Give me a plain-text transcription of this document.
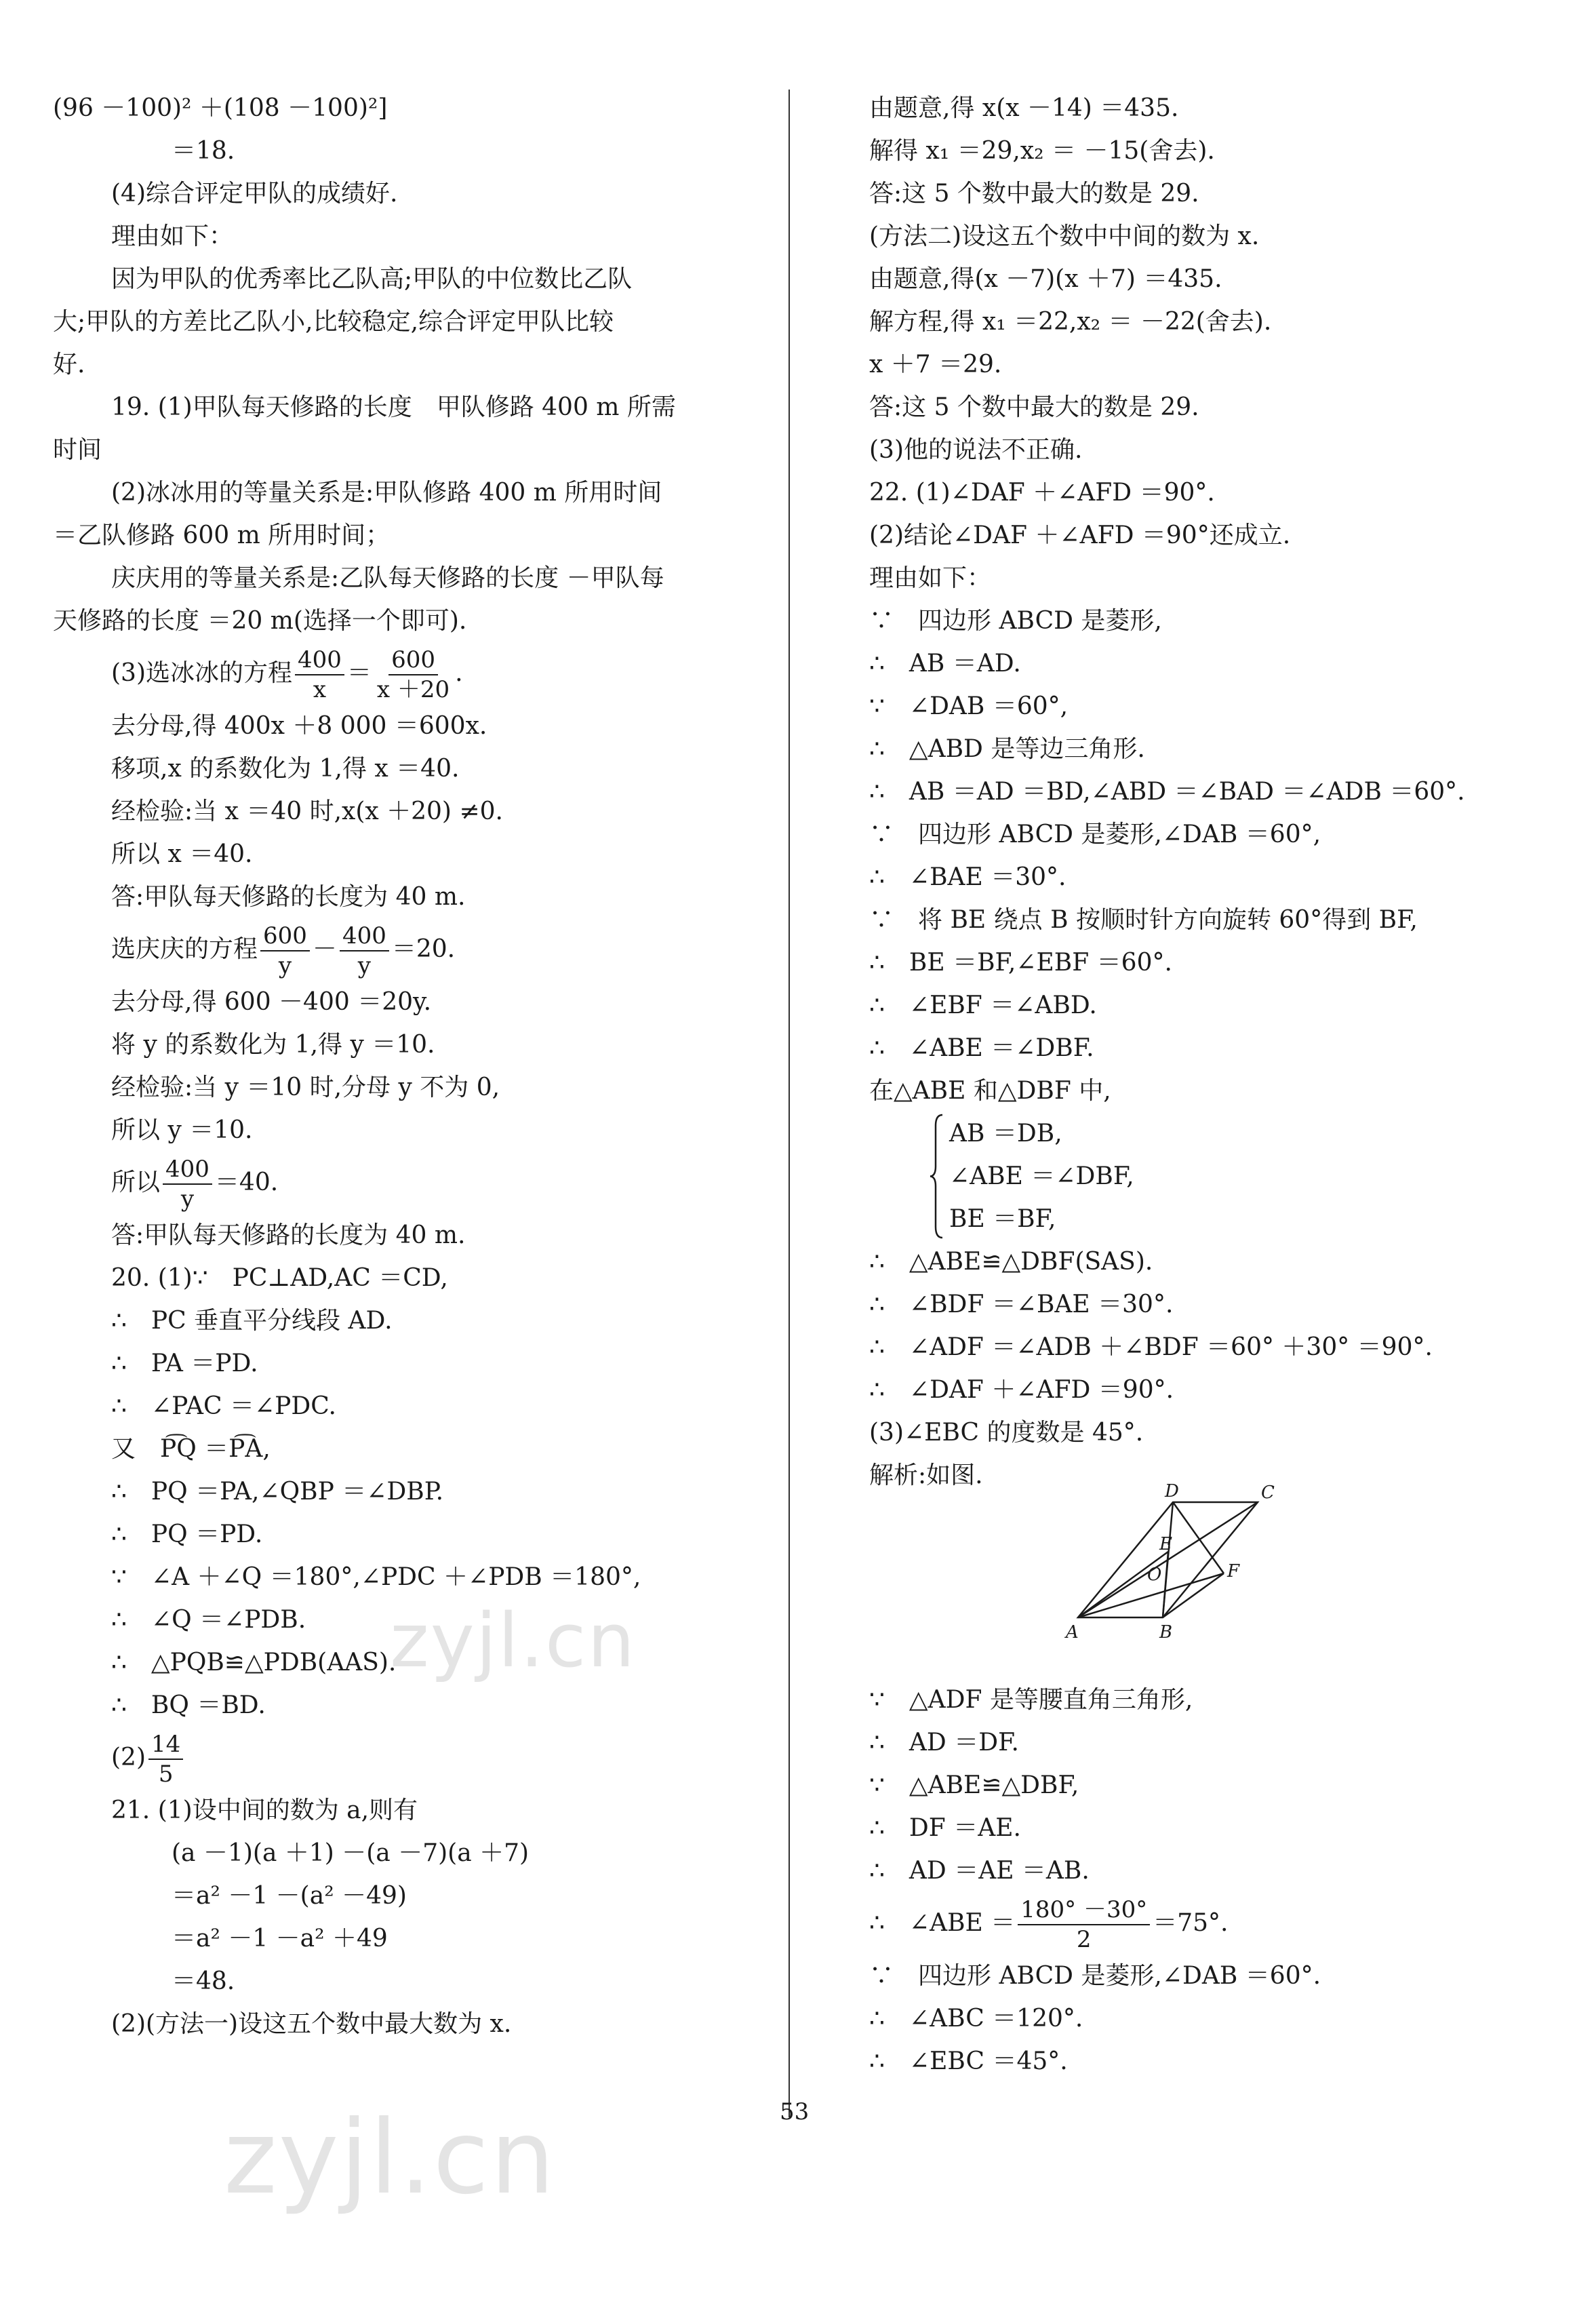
(96 －100)² ＋(108 －100)²]
＝18.
(4)综合评定甲队的成绩好.
理由如下：
因为甲队的优秀率比乙队高;甲队的中位数比乙队
大;甲队的方差比乙队小,比较稳定,综合评定甲队比较
好.
19. (1)甲队每天修路的长度　甲队修路 400 m 所需
时间
(2)冰冰用的等量关系是:甲队修路 400 m 所用时间
＝乙队修路 600 m 所用时间；
庆庆用的等量关系是:乙队每天修路的长度 －甲队每
天修路的长度 ＝20 m(选择一个即可).
(3)选冰冰的方程 $\frac{400}{x} = \frac{600}{x +20}$ .
去分母,得 400x ＋8 000 ＝600x.
移项,x 的系数化为 1,得 x ＝40.
经检验:当 x ＝40 时,x(x ＋20) ≠0.
所以 x ＝40.
答:甲队每天修路的长度为 40 m.
选庆庆的方程 $\frac{600}{y} - \frac{400}{y} =20$.
去分母,得 600 －400 ＝20y.
将 y 的系数化为 1,得 y ＝10.
经检验:当 y ＝10 时,分母 y 不为 0,
所以 y ＝10.
所以 $\frac{400}{y} =40$.
答:甲队每天修路的长度为 40 m.
20. (1)∵　PC⊥AD,AC ＝CD,
∴　PC 垂直平分线段 AD.
∴　PA ＝PD.
∴　∠PAC ＝∠PDC.
又　P͡Q ＝P͡A,
∴　PQ ＝PA,∠QBP ＝∠DBP.
∴　PQ ＝PD.
∵　∠A ＋∠Q ＝180°,∠PDC ＋∠PDB ＝180°,
∴　∠Q ＝∠PDB.
∴　△PQB≌△PDB(AAS).
∴　BQ ＝BD.
$(2) \frac{14}{5}$
21. (1)设中间的数为 a,则有
(a －1)(a ＋1) －(a －7)(a ＋7)
＝a² －1 －(a² －49)
＝a² －1 －a² ＋49
＝48.
(2)(方法一)设这五个数中最大数为 x.
由题意,得 x(x －14) ＝435.
解得 x₁ ＝29,x₂ ＝ －15(舍去).
答:这 5 个数中最大的数是 29.
(方法二)设这五个数中中间的数为 x.
由题意,得(x －7)(x ＋7) ＝435.
解方程,得 x₁ ＝22,x₂ ＝ －22(舍去).
x ＋7 ＝29.
答:这 5 个数中最大的数是 29.
(3)他的说法不正确.
22. (1)∠DAF ＋∠AFD ＝90°.
(2)结论∠DAF ＋∠AFD ＝90°还成立.
理由如下：
∵　四边形 ABCD 是菱形,
∴　AB ＝AD.
∵　∠DAB ＝60°,
∴　△ABD 是等边三角形.
∴　AB ＝AD ＝BD,∠ABD ＝∠BAD ＝∠ADB ＝60°.
∵　四边形 ABCD 是菱形,∠DAB ＝60°,
∴　∠BAE ＝30°.
∵　将 BE 绕点 B 按顺时针方向旋转 60°得到 BF,
∴　BE ＝BF,∠EBF ＝60°.
∴　∠EBF ＝∠ABD.
∴　∠ABE ＝∠DBF.
在△ABE 和△DBF 中,
AB ＝DB,
∠ABE ＝∠DBF,
BE ＝BF,
∴　△ABE≌△DBF(SAS).
∴　∠BDF ＝∠BAE ＝30°.
∴　∠ADF ＝∠ADB ＋∠BDF ＝60° ＋30° ＝90°.
∴　∠DAF ＋∠AFD ＝90°.
(3)∠EBC 的度数是 45°.
解析:如图.
∵　△ADF 是等腰直角三角形,
∴　AD ＝DF.
∵　△ABE≌△DBF,
∴　DF ＝AE.
∴　AD ＝AE ＝AB.
∴　∠ABE ＝ $\frac{180^\circ -30^\circ}{2} =75^\circ$.
∵　四边形 ABCD 是菱形,∠DAB ＝60°.
∴　∠ABC ＝120°.
∴　∠EBC ＝45°.
D	C
E
O	F
A	B
53
zyjl.cn
zyjl.cn
